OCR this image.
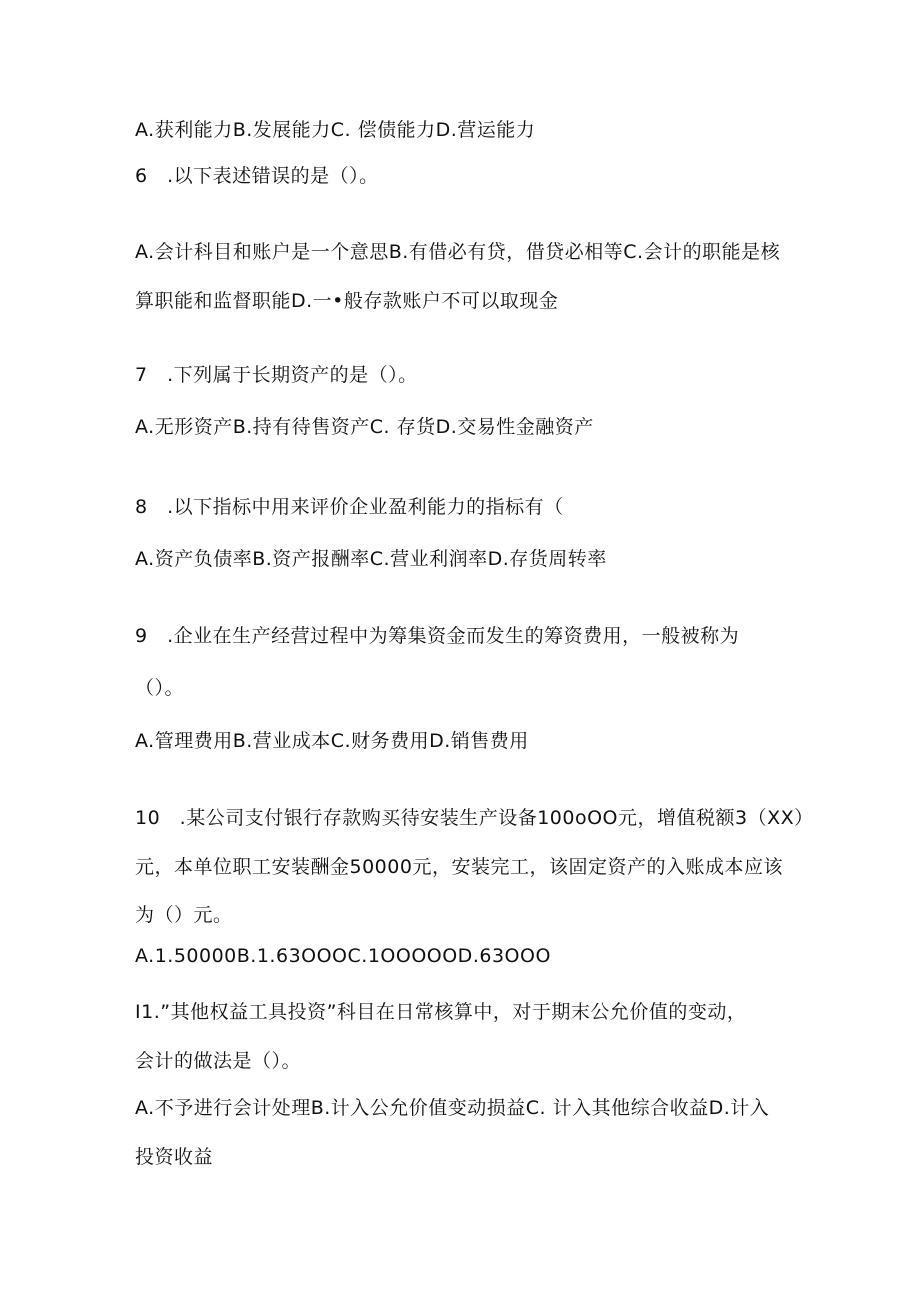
A.获利能力B.发展能力C. 偿债能力D.营运能力
6　.以下表述错误的是（）。
A.会计科目和账户是一个意思B.有借必有贷，借贷必相等C.会计的职能是核
算职能和监督职能D.一•般存款账户不可以取现金
7　.下列属于长期资产的是（）。
A.无形资产B.持有待售资产C. 存货D.交易性金融资产
8　.以下指标中用来评价企业盈利能力的指标有（
A.资产负债率B.资产报酬率C.营业利润率D.存货周转率
9　.企业在生产经营过程中为筹集资金而发生的筹资费用，一般被称为
（）。
A.管理费用B.营业成本C.财务费用D.销售费用
10　.某公司支付银行存款购买待安装生产设备100oOO元，增值税额3（XX）
元，本单位职工安装酬金50000元，安装完工，该固定资产的入账成本应该
为（）元。
A.1.50000B.1.63OOOC.1OOOOOD.63OOO
I1.”其他权益工具投资”科目在日常核算中，对于期末公允价值的变动，
会计的做法是（）。
A.不予进行会计处理B.计入公允价值变动损益C. 计入其他综合收益D.计入
投资收益
